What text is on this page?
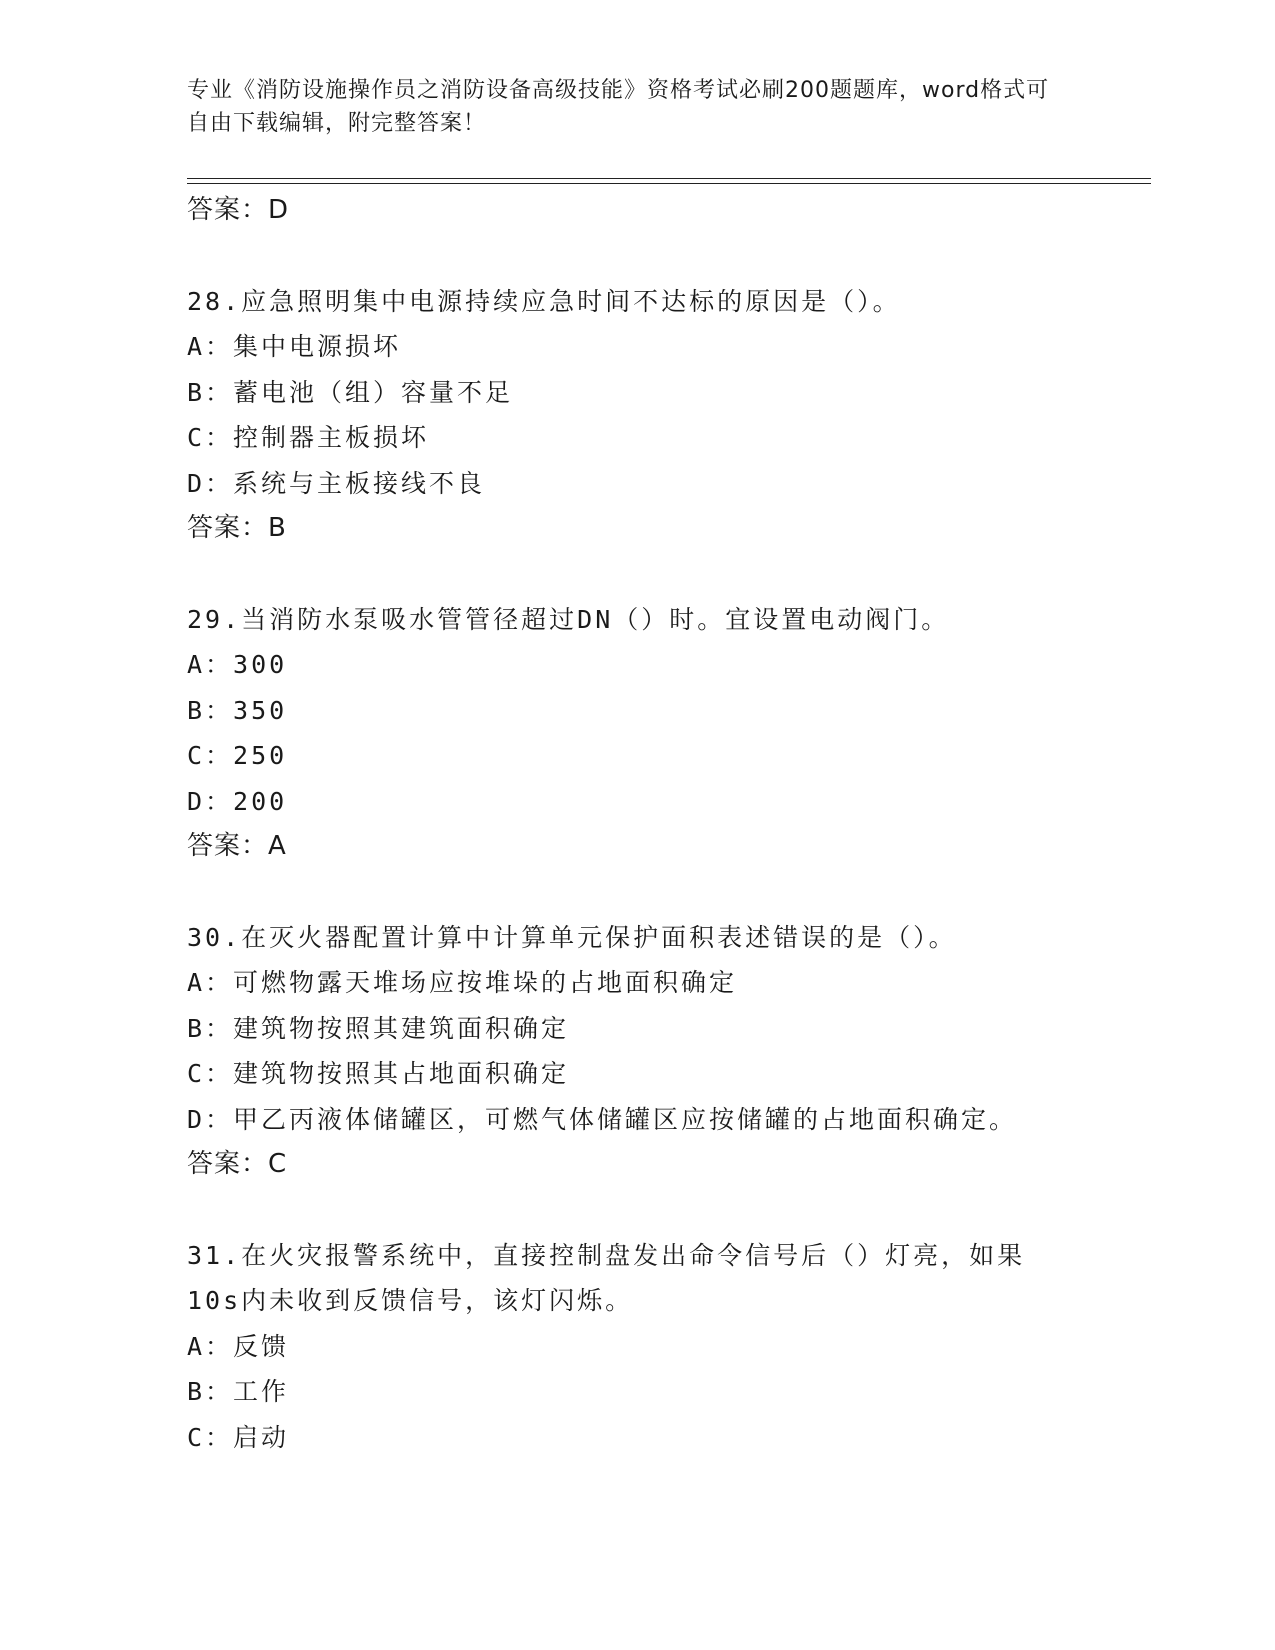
专业《消防设施操作员之消防设备高级技能》资格考试必刷200题题库，word格式可自由下载编辑，附完整答案！
答案：D
28.应急照明集中电源持续应急时间不达标的原因是（）。
A：集中电源损坏
B：蓄电池（组）容量不足
C：控制器主板损坏
D：系统与主板接线不良
答案：B
29.当消防水泵吸水管管径超过DN（）时。宜设置电动阀门。
A：300
B：350
C：250
D：200
答案：A
30.在灭火器配置计算中计算单元保护面积表述错误的是（）。
A：可燃物露天堆场应按堆垛的占地面积确定
B：建筑物按照其建筑面积确定
C：建筑物按照其占地面积确定
D：甲乙丙液体储罐区，可燃气体储罐区应按储罐的占地面积确定。
答案：C
31.在火灾报警系统中，直接控制盘发出命令信号后（）灯亮，如果
10s内未收到反馈信号，该灯闪烁。
A：反馈
B：工作
C：启动
